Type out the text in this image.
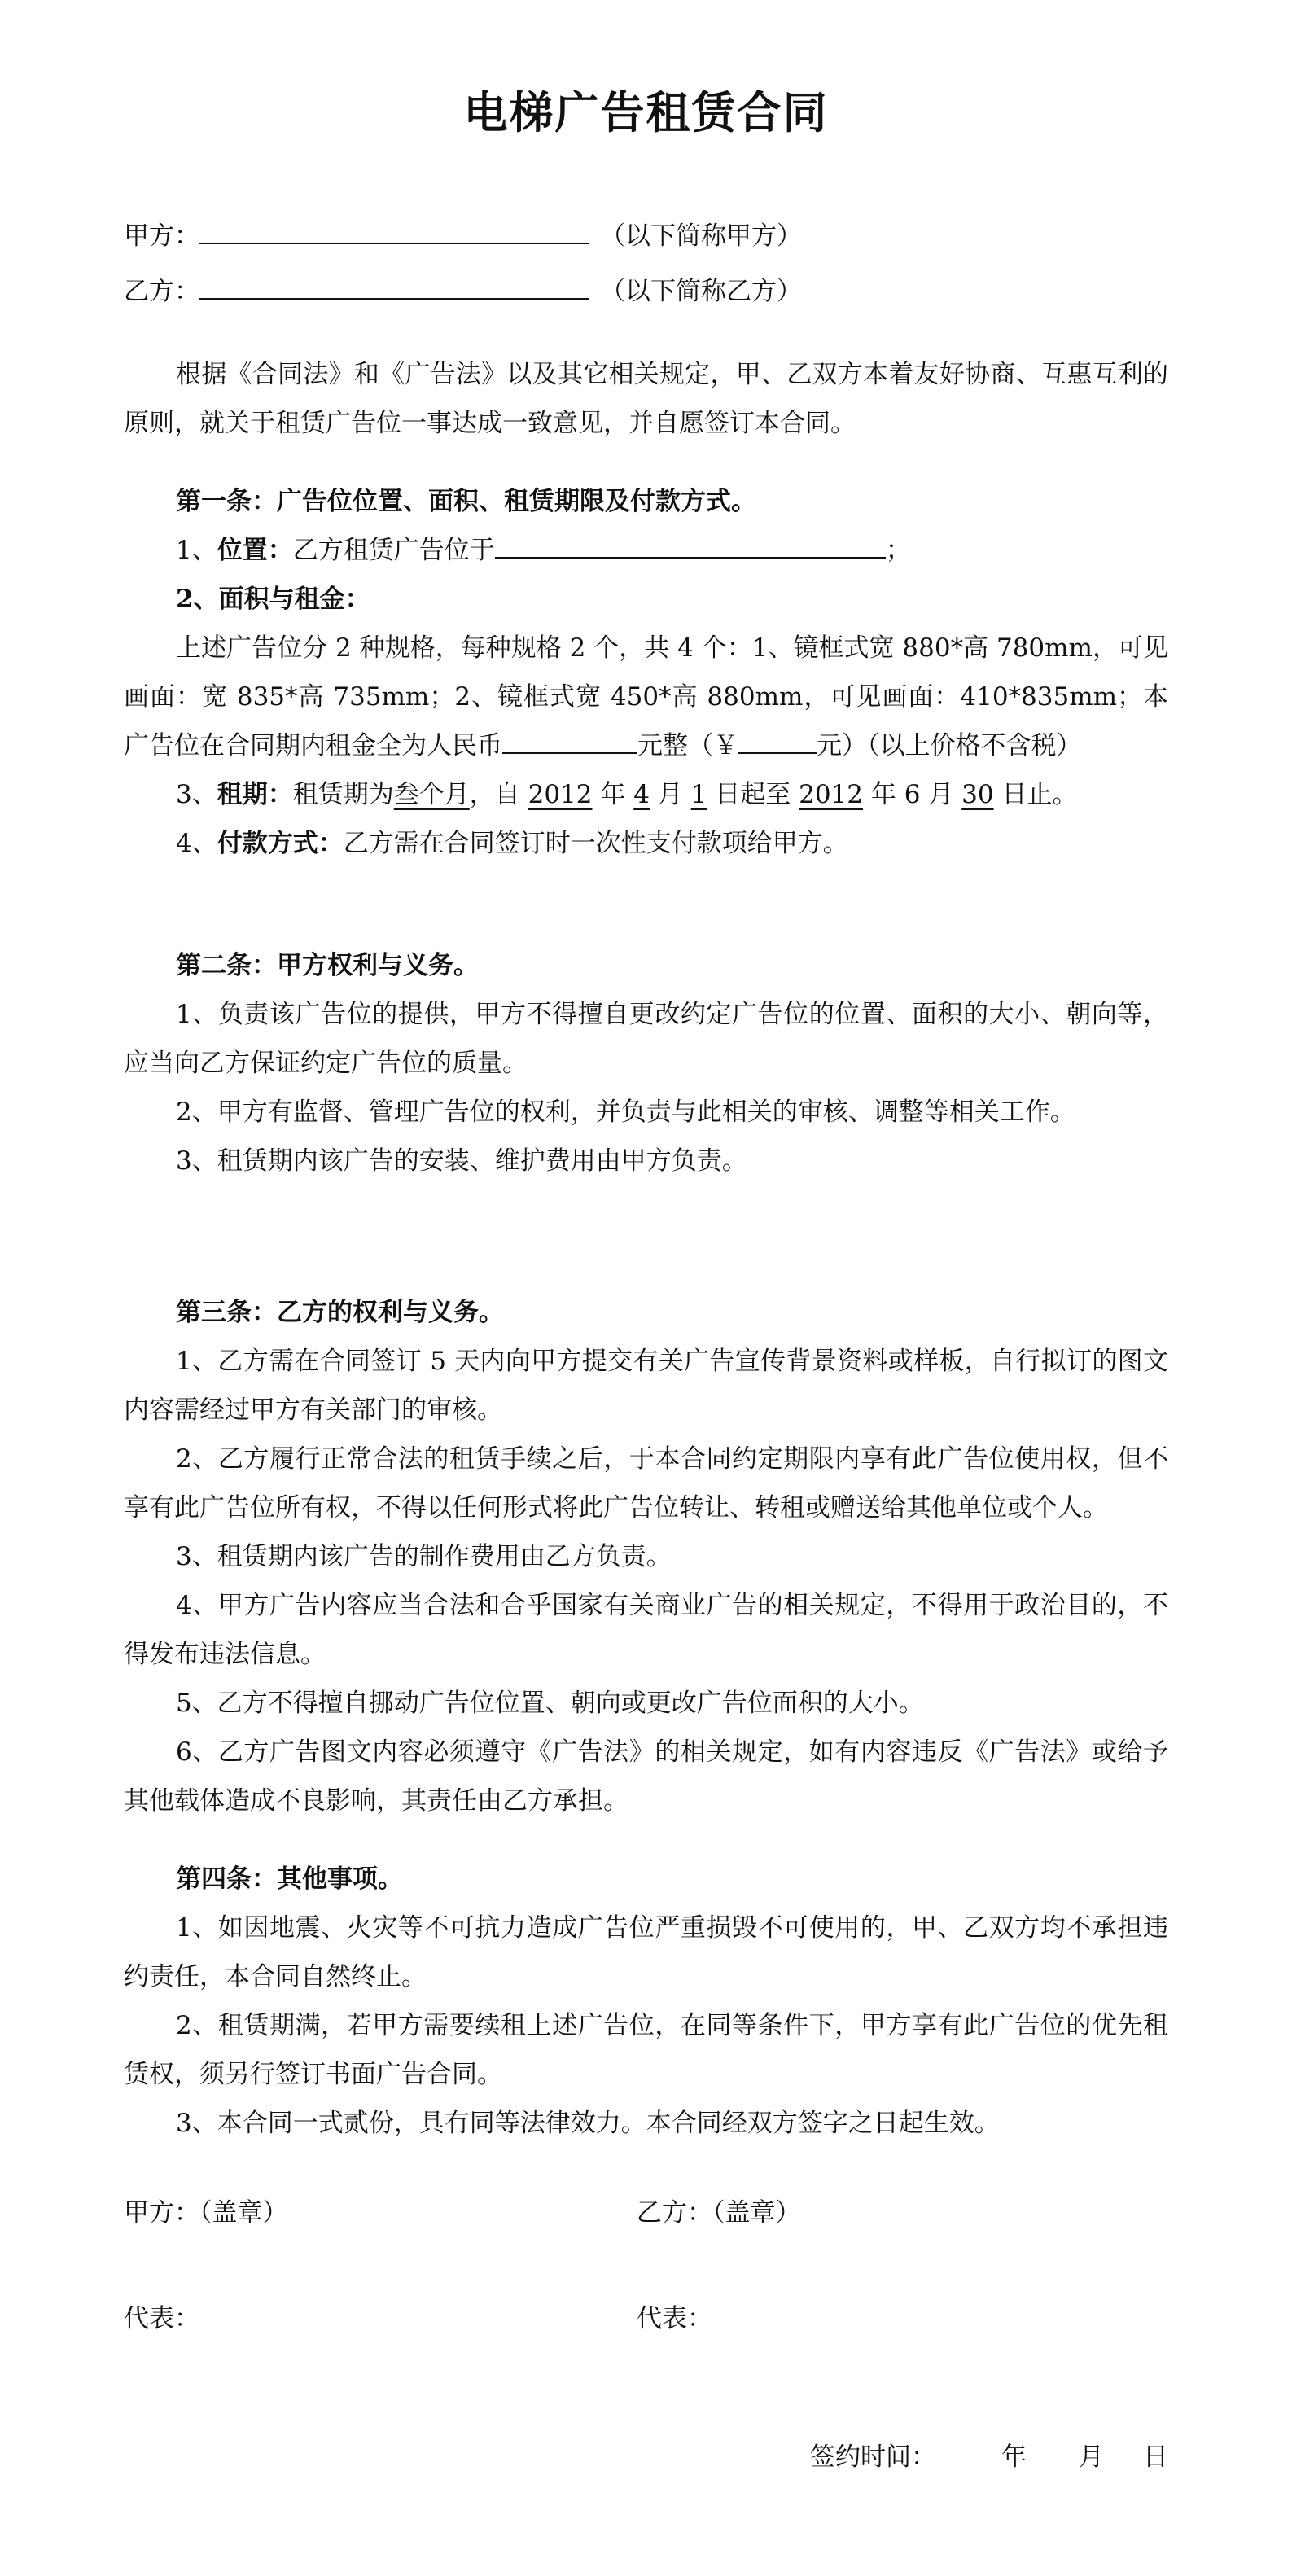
电梯广告租赁合同
甲方：	（以下简称甲方）
乙方：	（以下简称乙方）

根据《合同法》和《广告法》以及其它相关规定，甲、乙双方本着友好协商、互惠互利的原则，就关于租赁广告位一事达成一致意见，并自愿签订本合同。

第一条：广告位位置、面积、租赁期限及付款方式。

1、位置：乙方租赁广告位于	；

2、面积与租金：

上述广告位分 2 种规格，每种规格 2 个，共 4 个：1、镜框式宽 880*高 780mm，可见画面：宽 835*高 735mm；2、镜框式宽 450*高 880mm，可见画面：410*835mm；本广告位在合同期内租金全为人民币	元整（￥	元）（以上价格不含税）

3、租期：租赁期为叁个月，自 2012 年 4 月 1 日起至 2012 年 6 月 30 日止。

4、付款方式：乙方需在合同签订时一次性支付款项给甲方。

第二条：甲方权利与义务。

1、负责该广告位的提供，甲方不得擅自更改约定广告位的位置、面积的大小、朝向等，应当向乙方保证约定广告位的质量。

2、甲方有监督、管理广告位的权利，并负责与此相关的审核、调整等相关工作。

3、租赁期内该广告的安装、维护费用由甲方负责。

第三条：乙方的权利与义务。

1、乙方需在合同签订 5 天内向甲方提交有关广告宣传背景资料或样板，自行拟订的图文内容需经过甲方有关部门的审核。

2、乙方履行正常合法的租赁手续之后，于本合同约定期限内享有此广告位使用权，但不享有此广告位所有权，不得以任何形式将此广告位转让、转租或赠送给其他单位或个人。

3、租赁期内该广告的制作费用由乙方负责。

4、甲方广告内容应当合法和合乎国家有关商业广告的相关规定，不得用于政治目的，不得发布违法信息。

5、乙方不得擅自挪动广告位位置、朝向或更改广告位面积的大小。

6、乙方广告图文内容必须遵守《广告法》的相关规定，如有内容违反《广告法》或给予其他载体造成不良影响，其责任由乙方承担。

第四条：其他事项。

1、如因地震、火灾等不可抗力造成广告位严重损毁不可使用的，甲、乙双方均不承担违约责任，本合同自然终止。

2、租赁期满，若甲方需要续租上述广告位，在同等条件下，甲方享有此广告位的优先租赁权，须另行签订书面广告合同。

3、本合同一式贰份，具有同等法律效力。本合同经双方签字之日起生效。

甲方：（盖章）	乙方：（盖章）
代表：	代表：
签约时间：	年 月 日
